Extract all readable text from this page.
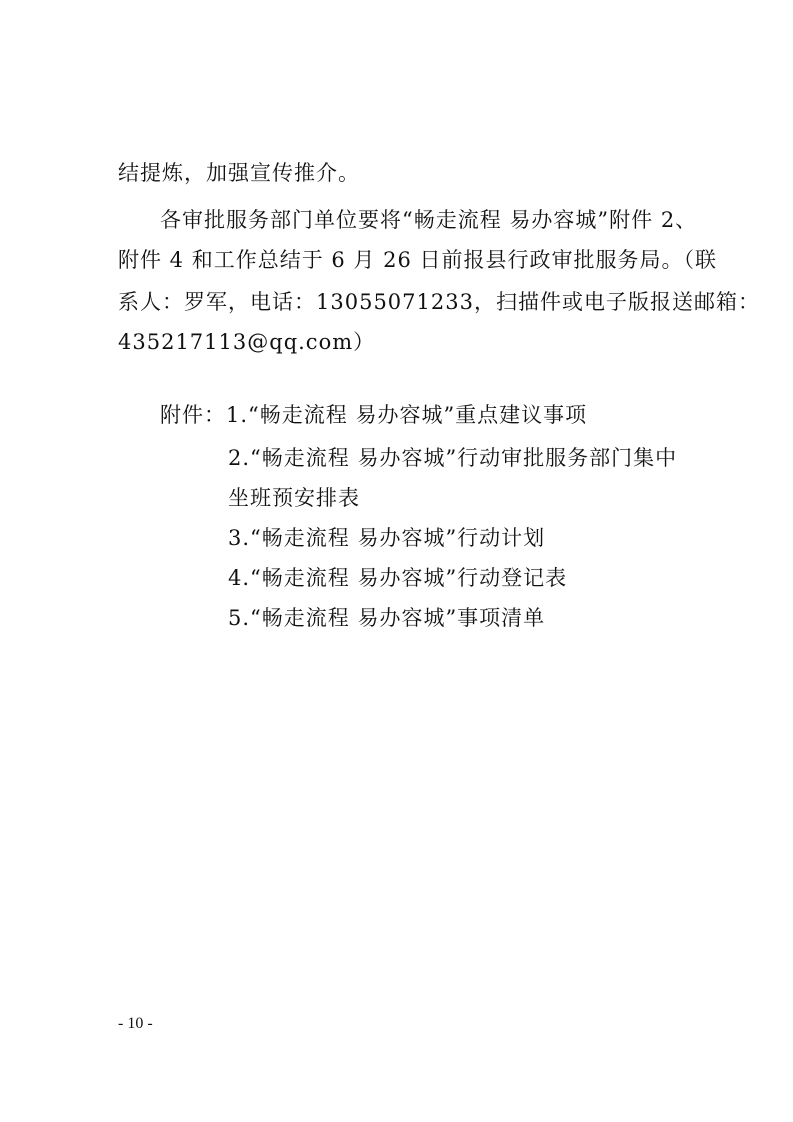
结提炼，加强宣传推介。
各审批服务部门单位要将“畅走流程 易办容城”附件 2、
附件 4 和工作总结于 6 月 26 日前报县行政审批服务局。（联
系人：罗军，电话：13055071233，扫描件或电子版报送邮箱：
435217113@qq.com）
附件：1.“畅走流程 易办容城”重点建议事项
2.“畅走流程 易办容城”行动审批服务部门集中
坐班预安排表
3.“畅走流程 易办容城”行动计划
4.“畅走流程 易办容城”行动登记表
5.“畅走流程 易办容城”事项清单
- 10 -
